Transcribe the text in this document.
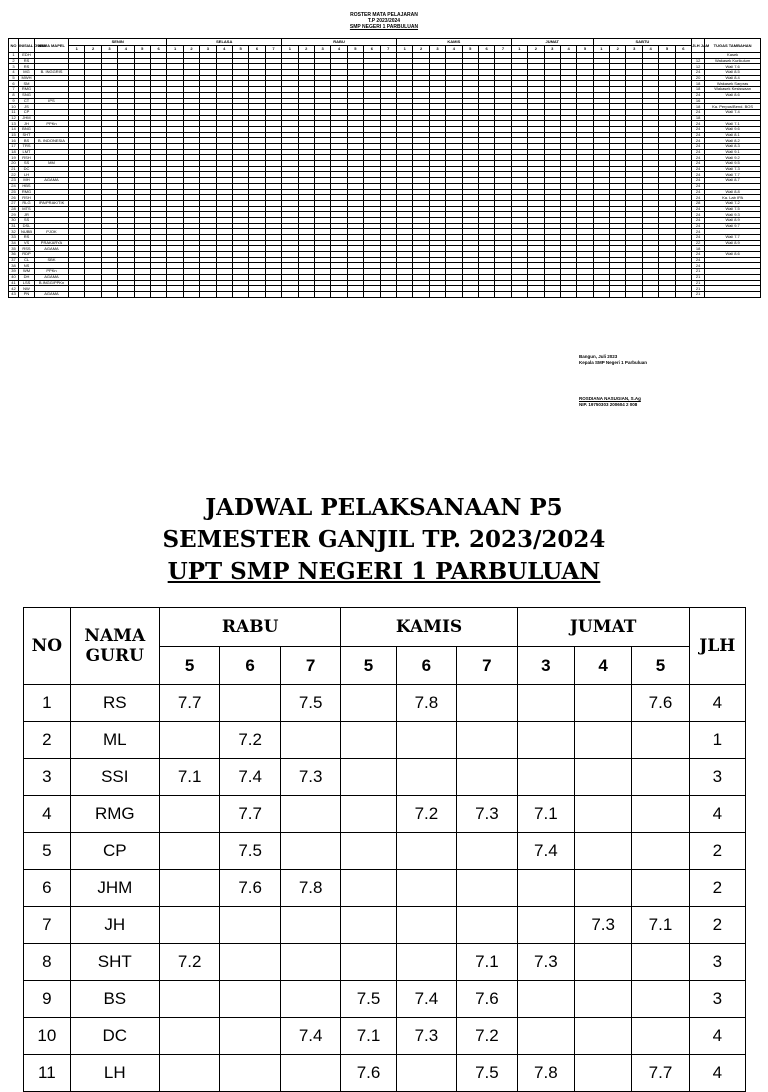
ROSTER MATA PELAJARAN
T.P 2023/2024
SMP NEGERI 1 PARBULUAN
NO	INISIAL GURU	NAMA MAPEL	SENIN						SELASA							RABU							KAMIS							JUMAT					SABTU						JLH JAM	TUGAS TAMBAHAN
			1	2	3	4	5	6	1	2	3	4	5	6	7	1	2	3	4	5	6	7	1	2	3	4	5	6	7	1	2	3	4	5	1	2	3	4	5	6		
1	EDH																																									Kasek
2	RS																																								12	Wakasek Kurikulum
3	RS																																								12	Wali 7.6
4	MG	B. INGGRIS																																							24	Wali 8.5
5	MWH																																								20	Wali 8.4
6	SM																																								18	Wakasek Sarpras
7	RMG																																								18	Wakasek Kesiswaan
8	SNG																																								24	Wali 8.6
9	CT	IPS																																							16	
10	JS																																								18	Ka. Perpus/Bend. BOS
11	CP																																								24	Wali 7.4
12	JHM																																								18	
13	JH	PPKn																																							24	Wali 7.1
14	BNG																																								24	Wali 9.6
15	SHT																																								24	Wali 8.1
16	BS	B. INDONESIA																																							24	Wali 8.2
17	TRS																																								24	Wali 8.3
18	LMT																																								24	Wali 9.1
19	RSH																																								24	Wali 9.2
20	SS	MM																																							24	Wali 9.5
21	DC																																								24	Wali 7.3
22	LH																																								24	Wali 7.7
23	MH	AGAMA																																							24	Wali 8.7
24	HBS																																								24	
25	RMG																																								24	Wali 8.8
26	RSH																																								24	Ka. Lab IPA
27	RLG	IPA/PRAK/TIK																																							28	Wali 7.2
28	MTS																																								24	Wali 7.5
29	JR																																								24	Wali 9.3
30	SS																																								24	Wali 8.9
31	DSL																																								24	Wali 9.7
32	NUBB	PJOK																																							24	
33	RS																																								24	Wali 7.7
34	VS	PRAKARYA																																							22	Wali 8.9
35	RSS	AGAMA																																							18	
36	RDP																																								24	Wali 8.6
37	CL	SBK																																							24	
38	NS																																								24	
39	WM	PPKn																																							21	
40	DH	AGAMA																																							21	
41	LSS	B.INGG/PPKn																																							21	
42	NW																																								21	
43	PN	AGAMA																																							21	
Bangun, Juli 2023
Kepala SMP Negeri 1 Parbuluan
ROSDIANA NASUGIAN, S.Ag
NIP. 19750303 200604 2 008
JADWAL PELAKSANAAN P5
SEMESTER GANJIL TP. 2023/2024
UPT SMP NEGERI 1 PARBULUAN
NO	NAMA GURU	RABU			KAMIS			JUMAT			JLH
		5	6	7	5	6	7	3	4	5	
1	RS	7.7		7.5		7.8				7.6	4
2	ML		7.2								1
3	SSI	7.1	7.4	7.3							3
4	RMG		7.7			7.2	7.3	7.1			4
5	CP		7.5					7.4			2
6	JHM		7.6	7.8							2
7	JH								7.3	7.1	2
8	SHT	7.2					7.1	7.3			3
9	BS				7.5	7.4	7.6				3
10	DC			7.4	7.1	7.3	7.2				4
11	LH				7.6		7.5	7.8		7.7	4
